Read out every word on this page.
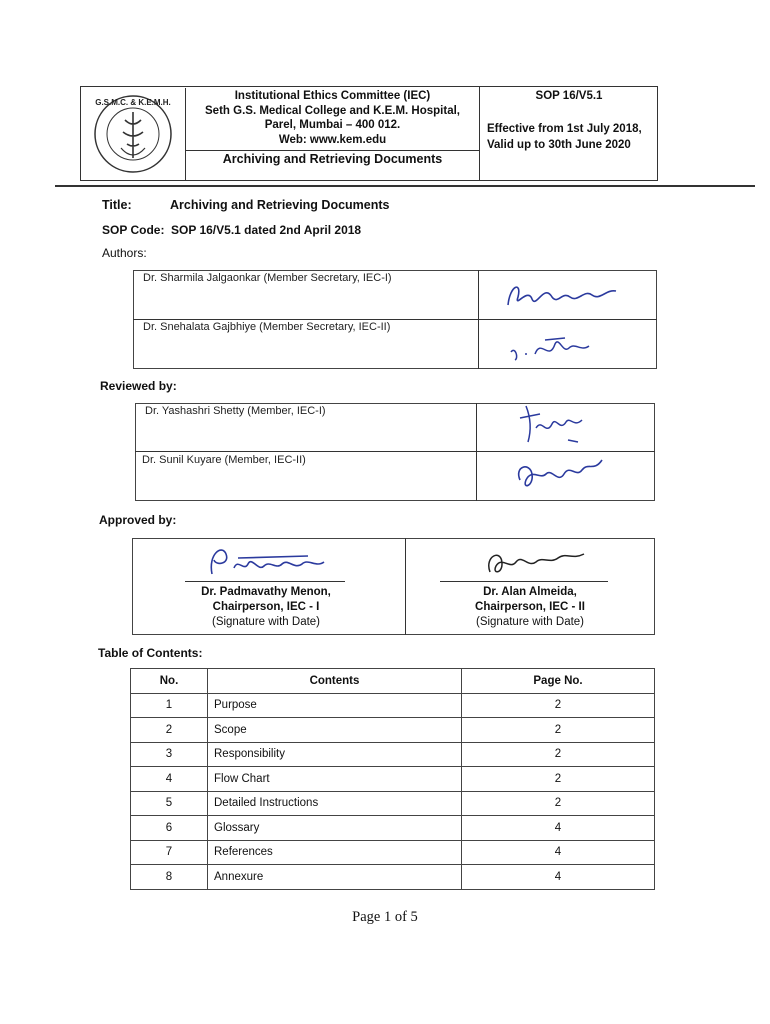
G.S.M.C. & K.E.M.H.
Institutional Ethics Committee (IEC)
Seth G.S. Medical College and K.E.M. Hospital,
Parel, Mumbai – 400 012.
Web: www.kem.edu
Archiving and Retrieving Documents
SOP 16/V5.1
Effective from 1st July 2018,
Valid up to 30th June 2020
Title:	Archiving and Retrieving Documents
SOP Code: SOP 16/V5.1 dated 2nd April 2018
Authors:
Dr. Sharmila Jalgaonkar (Member Secretary, IEC-I)
Dr. Snehalata Gajbhiye (Member Secretary, IEC-II)
Reviewed by:
Dr. Yashashri Shetty (Member, IEC-I)
Dr. Sunil Kuyare (Member, IEC-II)
Approved by:
Dr. Padmavathy Menon,
Chairperson, IEC - I
(Signature with Date)
Dr. Alan Almeida,
Chairperson, IEC - II
(Signature with Date)
Table of Contents:
No.	Contents	Page No.
1	Purpose	2
2	Scope	2
3	Responsibility	2
4	Flow Chart	2
5	Detailed Instructions	2
6	Glossary	4
7	References	4
8	Annexure	4
Page 1 of 5
